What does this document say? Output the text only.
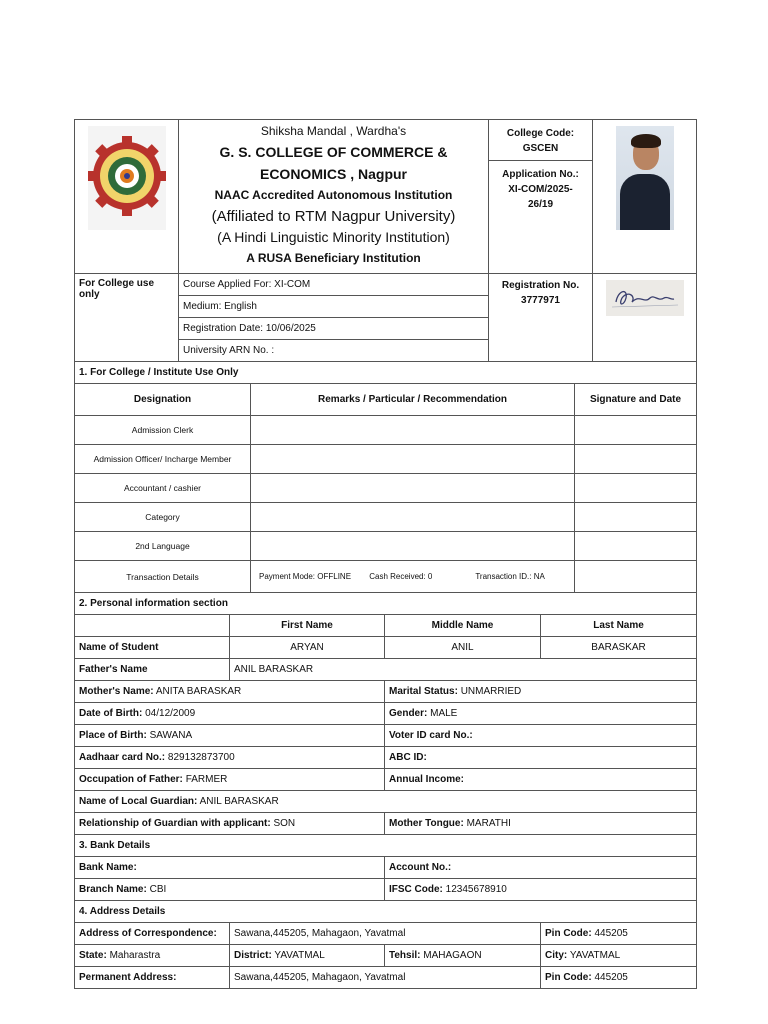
Shiksha Mandal , Wardha's
G. S. COLLEGE OF COMMERCE &
ECONOMICS , Nagpur
NAAC Accredited Autonomous Institution
(Affiliated to RTM Nagpur University)
(A Hindi Linguistic Minority Institution)
A RUSA Beneficiary Institution

College Code:
GSCEN
Application No.:
XI-COM/2025-26/19

For College use only	Course Applied For: XI-COM	Registration No.
3777971

Medium: English
Registration Date: 10/06/2025
University ARN No. :
1. For College / Institute Use Only		
Designation	Remarks / Particular / Recommendation	Signature and Date
Admission Clerk		
Admission Officer/ Incharge Member		
Accountant / cashier		
Category		
2nd Language		
Transaction Details	Payment Mode: OFFLINE Cash Received: 0 Transaction ID.: NA	
2. Personal information section			
	First Name	Middle Name	Last Name
Name of Student	ARYAN	ANIL	BARASKAR
Father's Name	ANIL BARASKAR		
Mother's Name: ANITA BARASKAR		Marital Status: UNMARRIED	
Date of Birth: 04/12/2009		Gender: MALE	
Place of Birth: SAWANA		Voter ID card No.:	
Aadhaar card No.: 829132873700		ABC ID:	
Occupation of Father: FARMER		Annual Income:	
Name of Local Guardian: ANIL BARASKAR			
Relationship of Guardian with applicant: SON		Mother Tongue: MARATHI	
3. Bank Details	
Bank Name:	Account No.:
Branch Name: CBI	IFSC Code: 12345678910
4. Address Details			
Address of Correspondence:	Sawana,445205, Mahagaon, Yavatmal		Pin Code: 445205
State: Maharastra	District: YAVATMAL	Tehsil: MAHAGAON	City: YAVATMAL
Permanent Address:	Sawana,445205, Mahagaon, Yavatmal		Pin Code: 445205
